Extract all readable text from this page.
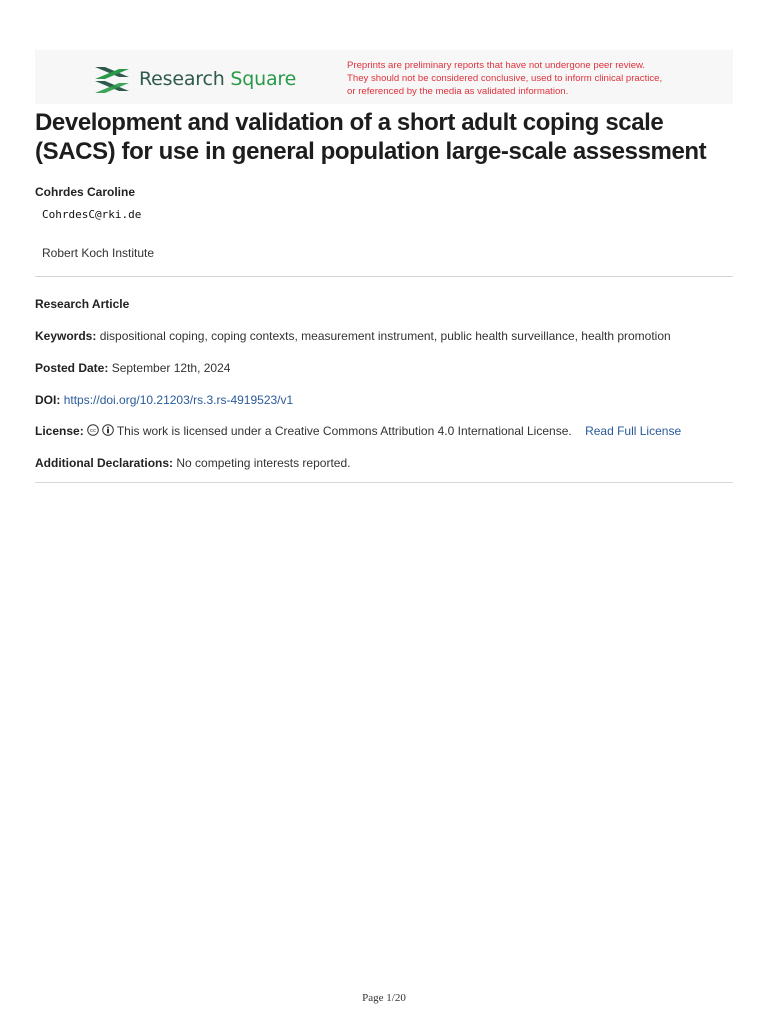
Research Square
Preprints are preliminary reports that have not undergone peer review.
They should not be considered conclusive, used to inform clinical practice,
or referenced by the media as validated information.
Development and validation of a short adult coping scale (SACS) for use in general population large-scale assessment
Cohrdes Caroline
CohrdesC@rki.de
Robert Koch Institute
Research Article
Keywords: dispositional coping, coping contexts, measurement instrument, public health surveillance, health promotion
Posted Date: September 12th, 2024
DOI: https://doi.org/10.21203/rs.3.rs-4919523/v1
License: cc This work is licensed under a Creative Commons Attribution 4.0 International License. Read Full License
Additional Declarations: No competing interests reported.
Page 1/20
